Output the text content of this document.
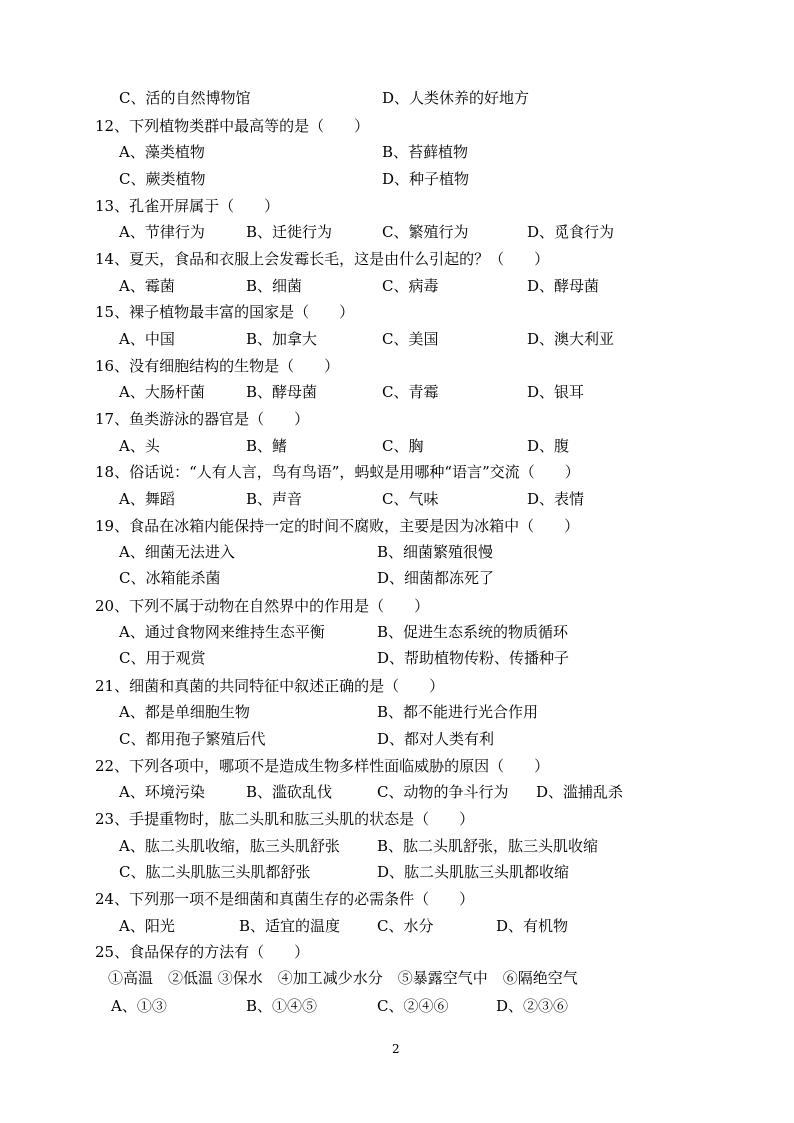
C、活的自然博物馆	D、人类休养的好地方
12、下列植物类群中最高等的是（　　）
A、藻类植物	B、苔藓植物
C、蕨类植物	D、种子植物
13、孔雀开屏属于（　　）
A、节律行为	B、迁徙行为	C、繁殖行为	D、觅食行为
14、夏天，食品和衣服上会发霉长毛，这是由什么引起的？（　　）
A、霉菌	B、细菌	C、病毒	D、酵母菌
15、裸子植物最丰富的国家是（　　）
A、中国	B、加拿大	C、美国	D、澳大利亚
16、没有细胞结构的生物是（　　）
A、大肠杆菌	B、酵母菌	C、青霉	D、银耳
17、鱼类游泳的器官是（　　）
A、头	B、鳍	C、胸	D、腹
18、俗话说：“人有人言，鸟有鸟语”，蚂蚁是用哪种“语言”交流（　　）
A、舞蹈	B、声音	C、气味	D、表情
19、食品在冰箱内能保持一定的时间不腐败，主要是因为冰箱中（　　）
A、细菌无法进入	B、细菌繁殖很慢
C、冰箱能杀菌	D、细菌都冻死了
20、下列不属于动物在自然界中的作用是（　　）
A、通过食物网来维持生态平衡	B、促进生态系统的物质循环
C、用于观赏	D、帮助植物传粉、传播种子
21、细菌和真菌的共同特征中叙述正确的是（　　）
A、都是单细胞生物	B、都不能进行光合作用
C、都用孢子繁殖后代	D、都对人类有利
22、下列各项中，哪项不是造成生物多样性面临威胁的原因（　　）
A、环境污染	B、滥砍乱伐	C、动物的争斗行为 D、滥捕乱杀
23、手提重物时，肱二头肌和肱三头肌的状态是（　　）
A、肱二头肌收缩，肱三头肌舒张 B、肱二头肌舒张，肱三头肌收缩
C、肱二头肌肱三头肌都舒张	D、肱二头肌肱三头肌都收缩
24、下列那一项不是细菌和真菌生存的必需条件（　　）
A、阳光	B、适宜的温度 C、水分	D、有机物
25、食品保存的方法有（　　）
①高温　②低温 ③保水　④加工减少水分　⑤暴露空气中　⑥隔绝空气
A、①③	B、①④⑤	C、②④⑥	D、②③⑥
2
